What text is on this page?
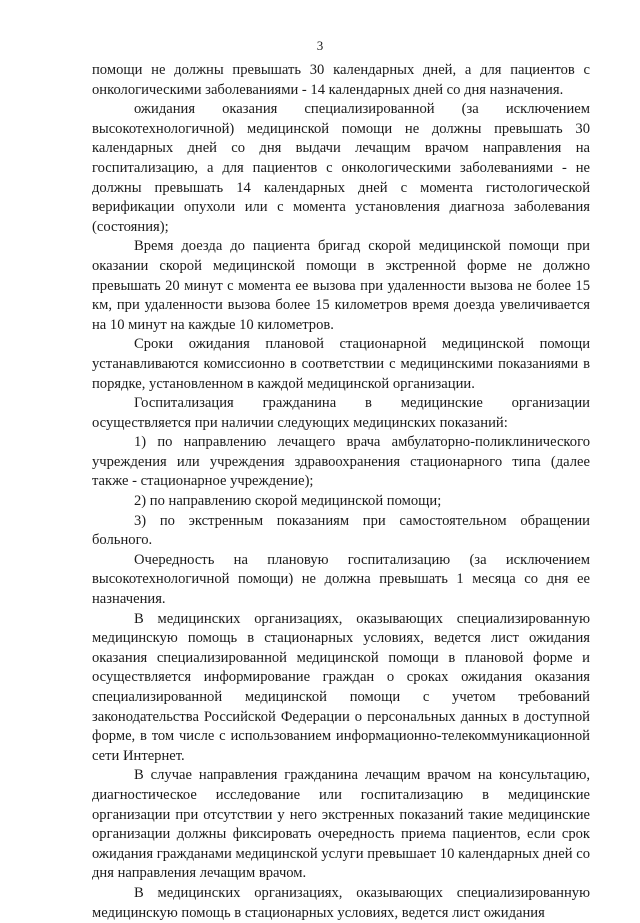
3

помощи не должны превышать 30 календарных дней, а для пациентов с онкологическими заболеваниями - 14 календарных дней со дня назначения.

ожидания оказания специализированной (за исключением высокотехнологичной) медицинской помощи не должны превышать 30 календарных дней со дня выдачи лечащим врачом направления на госпитализацию, а для пациентов с онкологическими заболеваниями - не должны превышать 14 календарных дней с момента гистологической верификации опухоли или с момента установления диагноза заболевания (состояния);

Время доезда до пациента бригад скорой медицинской помощи при оказании скорой медицинской помощи в экстренной форме не должно превышать 20 минут с момента ее вызова при удаленности вызова не более 15 км, при удаленности вызова более 15 километров время доезда увеличивается на 10 минут на каждые 10 километров.

Сроки ожидания плановой стационарной медицинской помощи устанавливаются комиссионно в соответствии с медицинскими показаниями в порядке, установленном в каждой медицинской организации.

Госпитализация гражданина в медицинские организации осуществляется при наличии следующих медицинских показаний:

1) по направлению лечащего врача амбулаторно-поликлинического учреждения или учреждения здравоохранения стационарного типа (далее также - стационарное учреждение);

2) по направлению скорой медицинской помощи;

3) по экстренным показаниям при самостоятельном обращении больного.

Очередность на плановую госпитализацию (за исключением высокотехнологичной помощи) не должна превышать 1 месяца со дня ее назначения.

В медицинских организациях, оказывающих специализированную медицинскую помощь в стационарных условиях, ведется лист ожидания оказания специализированной медицинской помощи в плановой форме и осуществляется информирование граждан о сроках ожидания оказания специализированной медицинской помощи с учетом требований законодательства Российской Федерации о персональных данных в доступной форме, в том числе с использованием информационно-телекоммуникационной сети Интернет.

В случае направления гражданина лечащим врачом на консультацию, диагностическое исследование или госпитализацию в медицинские организации при отсутствии у него экстренных показаний такие медицинские организации должны фиксировать очередность приема пациентов, если срок ожидания гражданами медицинской услуги превышает 10 календарных дней со дня направления лечащим врачом.

В медицинских организациях, оказывающих специализированную медицинскую помощь в стационарных условиях, ведется лист ожидания
